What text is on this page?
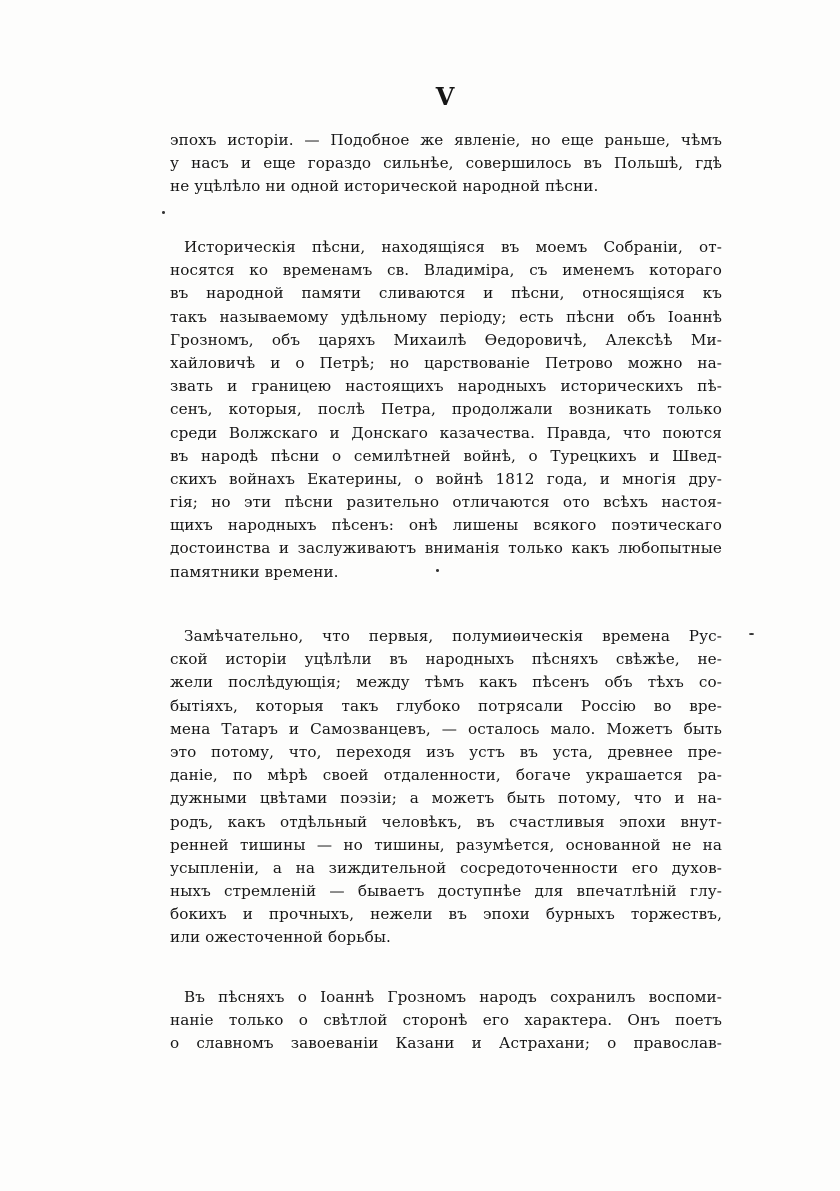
V
эпохъ исторіи. — Подобное же явленіе, но еще раньше, чѣмъ
у насъ и еще гораздо сильнѣе, совершилось въ Польшѣ, гдѣ
не уцѣлѣло ни одной исторической народной пѣсни.
Историческія пѣсни, находящіяся въ моемъ Собраніи, от-
носятся ко временамъ св. Владиміра, съ именемъ котораго
въ народной памяти сливаются и пѣсни, относящіяся къ
такъ называемому удѣльному періоду; есть пѣсни объ Іоаннѣ
Грозномъ, объ царяхъ Михаилѣ Ѳедоровичѣ, Алексѣѣ Ми-
хайловичѣ и о Петрѣ; но царствованіе Петрово можно на-
звать и границею настоящихъ народныхъ историческихъ пѣ-
сенъ, которыя, послѣ Петра, продолжали возникать только
среди Волжскаго и Донскаго казачества. Правда, что поются
въ народѣ пѣсни о семилѣтней войнѣ, о Турецкихъ и Швед-
скихъ войнахъ Екатерины, о войнѣ 1812 года, и многія дру-
гія; но эти пѣсни разительно отличаются ото всѣхъ настоя-
щихъ народныхъ пѣсенъ: онѣ лишены всякого поэтическаго
достоинства и заслуживаютъ вниманія только какъ любопытные
памятники времени.
Замѣчательно, что первыя, полумиѳическія времена Рус-
ской исторіи уцѣлѣли въ народныхъ пѣсняхъ свѣжѣе, не-
жели послѣдующія; между тѣмъ какъ пѣсенъ объ тѣхъ со-
бытіяхъ, которыя такъ глубоко потрясали Россію во вре-
мена Татаръ и Самозванцевъ, — осталось мало. Можетъ быть
это потому, что, переходя изъ устъ въ уста, древнее пре-
даніе, по мѣрѣ своей отдаленности, богаче украшается ра-
дужными цвѣтами поэзіи; а можетъ быть потому, что и на-
родъ, какъ отдѣльный человѣкъ, въ счастливыя эпохи внут-
ренней тишины — но тишины, разумѣется, основанной не на
усыпленіи, а на зиждительной сосредоточенности его духов-
ныхъ стремленій — бываетъ доступнѣе для впечатлѣній глу-
бокихъ и прочныхъ, нежели въ эпохи бурныхъ торжествъ,
или ожесточенной борьбы.
Въ пѣсняхъ о Іоаннѣ Грозномъ народъ сохранилъ воспоми-
наніе только о свѣтлой сторонѣ его характера. Онъ поетъ
о славномъ завоеваніи Казани и Астрахани; о православ-
